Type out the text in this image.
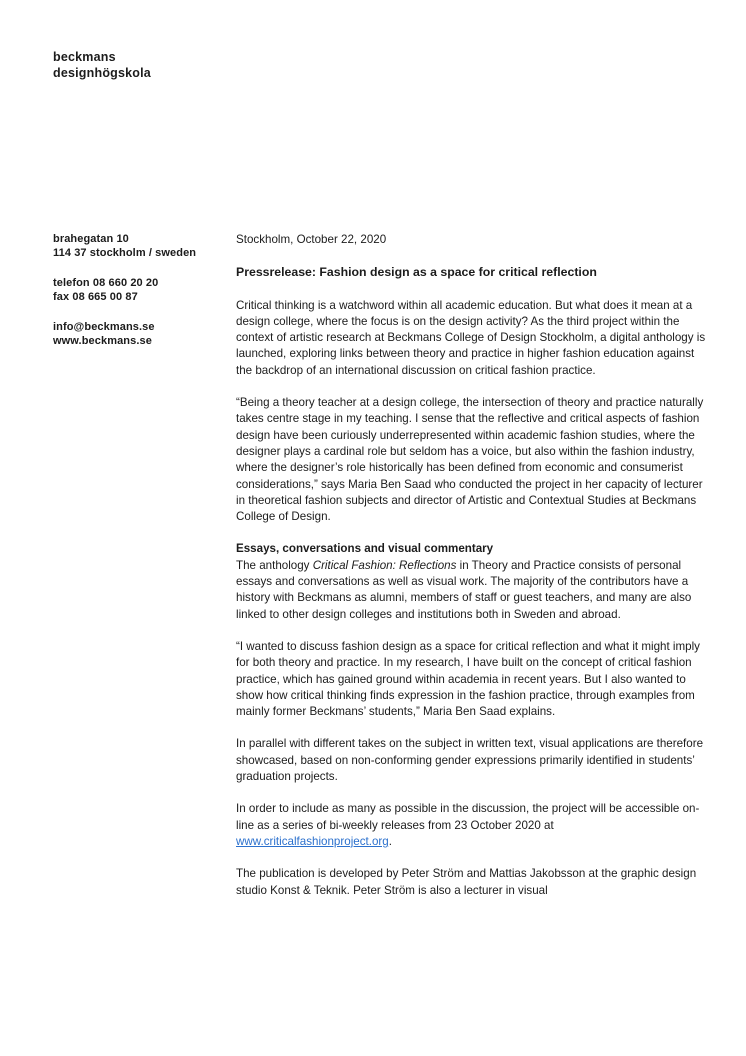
beckmans
designhögskola
brahegatan 10
114 37 stockholm / sweden
telefon 08 660 20 20
fax 08 665 00 87
info@beckmans.se
www.beckmans.se

Stockholm, October 22, 2020

Pressrelease: Fashion design as a space for critical reflection

Critical thinking is a watchword within all academic education. But what does it mean at a design college, where the focus is on the design activity? As the third project within the context of artistic research at Beckmans College of Design Stockholm, a digital anthology is launched, exploring links between theory and practice in higher fashion education against the backdrop of an international discussion on critical fashion practice.

“Being a theory teacher at a design college, the intersection of theory and practice naturally takes centre stage in my teaching. I sense that the reflective and critical aspects of fashion design have been curiously underrepresented within academic fashion studies, where the designer plays a cardinal role but seldom has a voice, but also within the fashion industry, where the designer’s role historically has been defined from economic and consumerist considerations,” says Maria Ben Saad who conducted the project in her capacity of lecturer in theoretical fashion subjects and director of Artistic and Contextual Studies at Beckmans College of Design.

Essays, conversations and visual commentary

The anthology Critical Fashion: Reflections in Theory and Practice consists of personal essays and conversations as well as visual work. The majority of the contributors have a history with Beckmans as alumni, members of staff or guest teachers, and many are also linked to other design colleges and institutions both in Sweden and abroad.

“I wanted to discuss fashion design as a space for critical reflection and what it might imply for both theory and practice. In my research, I have built on the concept of critical fashion practice, which has gained ground within academia in recent years. But I also wanted to show how critical thinking finds expression in the fashion practice, through examples from mainly former Beckmans’ students,” Maria Ben Saad explains.

In parallel with different takes on the subject in written text, visual applications are therefore showcased, based on non-conforming gender expressions primarily identified in students’ graduation projects.

In order to include as many as possible in the discussion, the project will be accessible on-line as a series of bi-weekly releases from 23 October 2020 at www.criticalfashionproject.org.

The publication is developed by Peter Ström and Mattias Jakobsson at the graphic design studio Konst & Teknik. Peter Ström is also a lecturer in visual
